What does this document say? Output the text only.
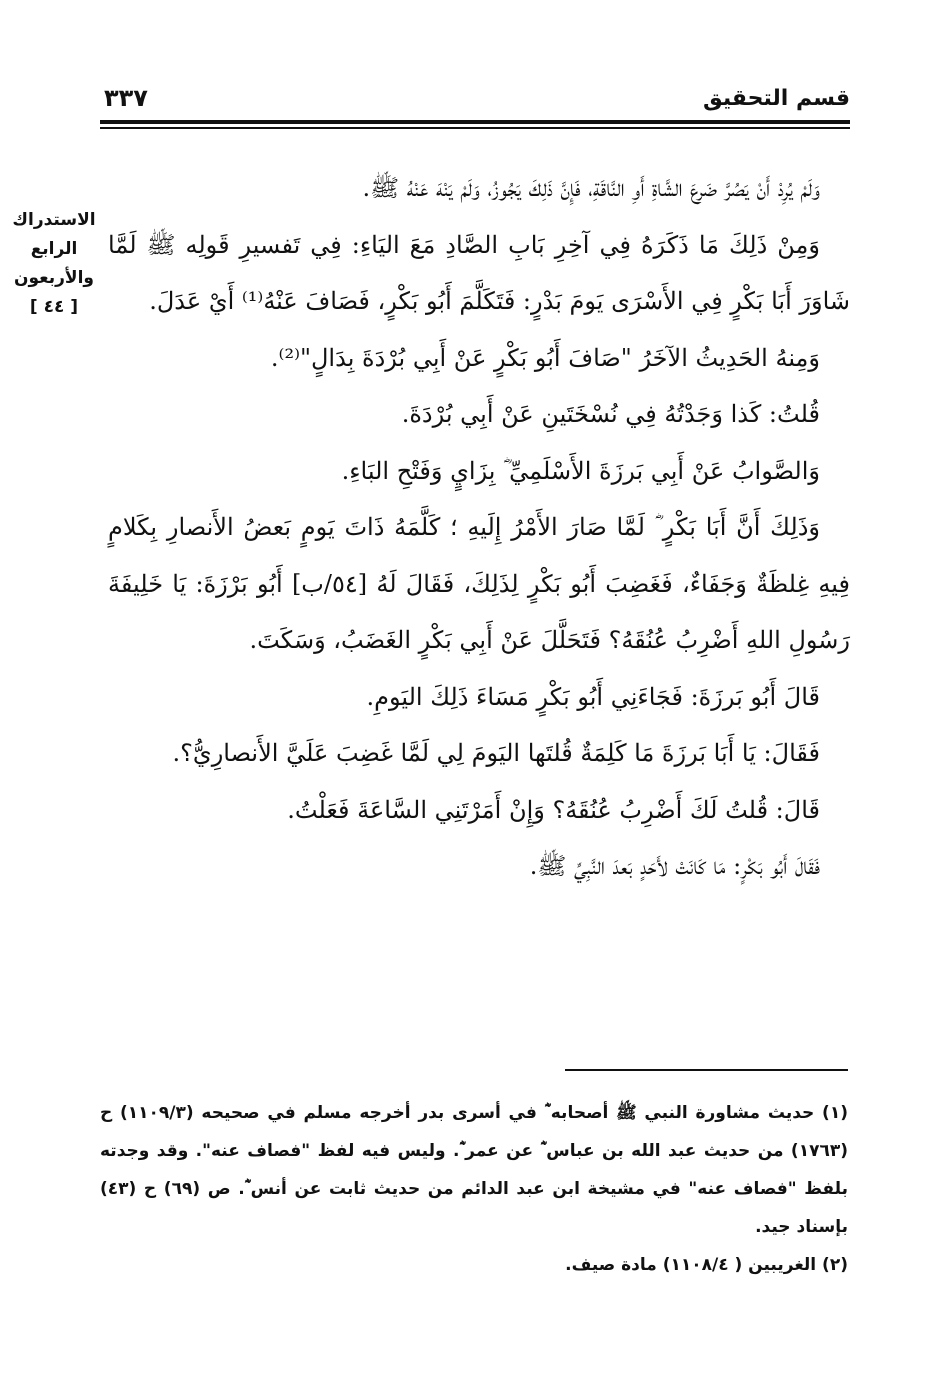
قسم التحقيق
٣٣٧
الاستدراك
الرابع
والأربعون
[ ٤٤ ]

وَلَمْ يُرِدْ أَنْ يَصُرَّ ضَرعَ الشَّاةِ أَوِ النَّاقَةِ، فَإِنَّ ذَلِكَ يَجُوزُ، وَلَمْ يَنْهَ عَنْهُ ﷺ.

وَمِنْ ذَلِكَ مَا ذَكَرَهُ فِي آخِرِ بَابِ الصَّادِ مَعَ اليَاءِ: فِي تَفسيرِ قَولِه ﷺ لَمَّا شَاوَرَ أَبَا بَكْرٍ فِي الأَسْرَى يَومَ بَدْرٍ: فَتَكَلَّمَ أَبُو بَكْرٍ، فَصَافَ عَنْهُ⁽¹⁾ أَيْ عَدَلَ.

وَمِنهُ الحَدِيثُ الآخَرُ "صَافَ أَبُو بَكْرٍ عَنْ أَبِي بُرْدَةَ بِدَالٍ"⁽²⁾.

قُلتُ: كَذا وَجَدْتُهُ فِي نُسْخَتَينِ عَنْ أَبِي بُرْدَةَ.

وَالصَّوابُ عَنْ أَبِي بَرزَةَ الأَسْلَمِيِّ ؓ بِزَايٍ وَفَتْحِ البَاءِ.

وَذَلِكَ أَنَّ أَبَا بَكْرٍ ؓ لَمَّا صَارَ الأَمْرُ إِلَيهِ ؛ كَلَّمَهُ ذَاتَ يَومٍ بَعضُ الأَنصارِ بِكَلامٍ فِيهِ غِلظَةٌ وَجَفَاءٌ، فَغَضِبَ أَبُو بَكْرٍ لِذَلِكَ، فَقَالَ لَهُ [٥٤/ب] أَبُو بَرْزَةَ: يَا خَلِيفَةَ رَسُولِ اللهِ أَضْرِبُ عُنُقَهُ؟ فَتَحَلَّلَ عَنْ أَبِي بَكْرٍ الغَضَبُ، وَسَكَتَ.

قَالَ أَبُو بَرزَةَ: فَجَاءَنِي أَبُو بَكْرٍ مَسَاءَ ذَلِكَ اليَومِ.

فَقَالَ: يَا أَبَا بَرزَةَ مَا كَلِمَةٌ قُلتَها اليَومَ لِي لَمَّا غَضِبَ عَلَيَّ الأَنصارِيُّ؟.

قَالَ: قُلتُ لَكَ أَضْرِبُ عُنُقَهُ؟ وَإِنْ أَمَرْتَنِي السَّاعَةَ فَعَلْتُ.

فَقَالَ أَبُو بَكْرٍ: مَا كَانَتْ لأَحَدٍ بَعدَ النَّبِيِّ ﷺ.

(١) حديث مشاورة النبي ﷺ أصحابه ؓ في أسرى بدر أخرجه مسلم في صحيحه (١١٠٩/٣) ح (١٧٦٣) من حديث عبد الله بن عباس ؓ عن عمر ؓ. وليس فيه لفظ "فصاف عنه". وقد وجدته بلفظ "فصاف عنه" في مشيخة ابن عبد الدائم من حديث ثابت عن أنس ؓ. ص (٦٩) ح (٤٣) بإسناد جيد.

(٢) الغريبين ( ١١٠٨/٤) مادة صيف.
